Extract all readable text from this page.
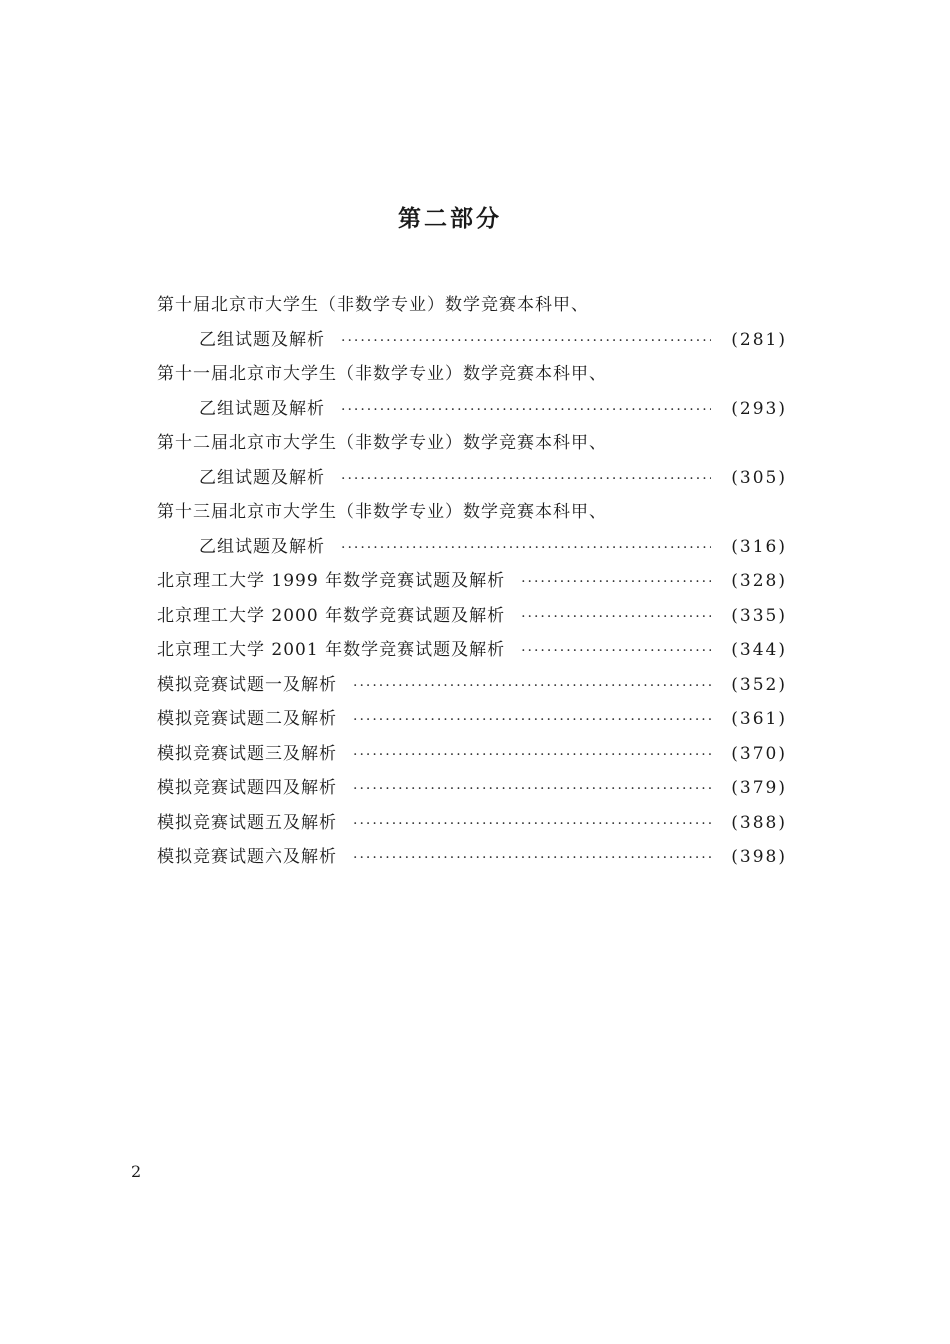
第二部分
第十届北京市大学生（非数学专业）数学竞赛本科甲、
乙组试题及解析 ·····	(281)
第十一届北京市大学生（非数学专业）数学竞赛本科甲、
乙组试题及解析 ·····	(293)
第十二届北京市大学生（非数学专业）数学竞赛本科甲、
乙组试题及解析 ·····	(305)
第十三届北京市大学生（非数学专业）数学竞赛本科甲、
乙组试题及解析 ·····	(316)
北京理工大学 1999 年数学竞赛试题及解析 ·····	(328)
北京理工大学 2000 年数学竞赛试题及解析 ·····	(335)
北京理工大学 2001 年数学竞赛试题及解析 ·····	(344)
模拟竞赛试题一及解析 ·····	(352)
模拟竞赛试题二及解析 ·····	(361)
模拟竞赛试题三及解析 ·····	(370)
模拟竞赛试题四及解析 ·····	(379)
模拟竞赛试题五及解析 ·····	(388)
模拟竞赛试题六及解析 ·····	(398)

2
